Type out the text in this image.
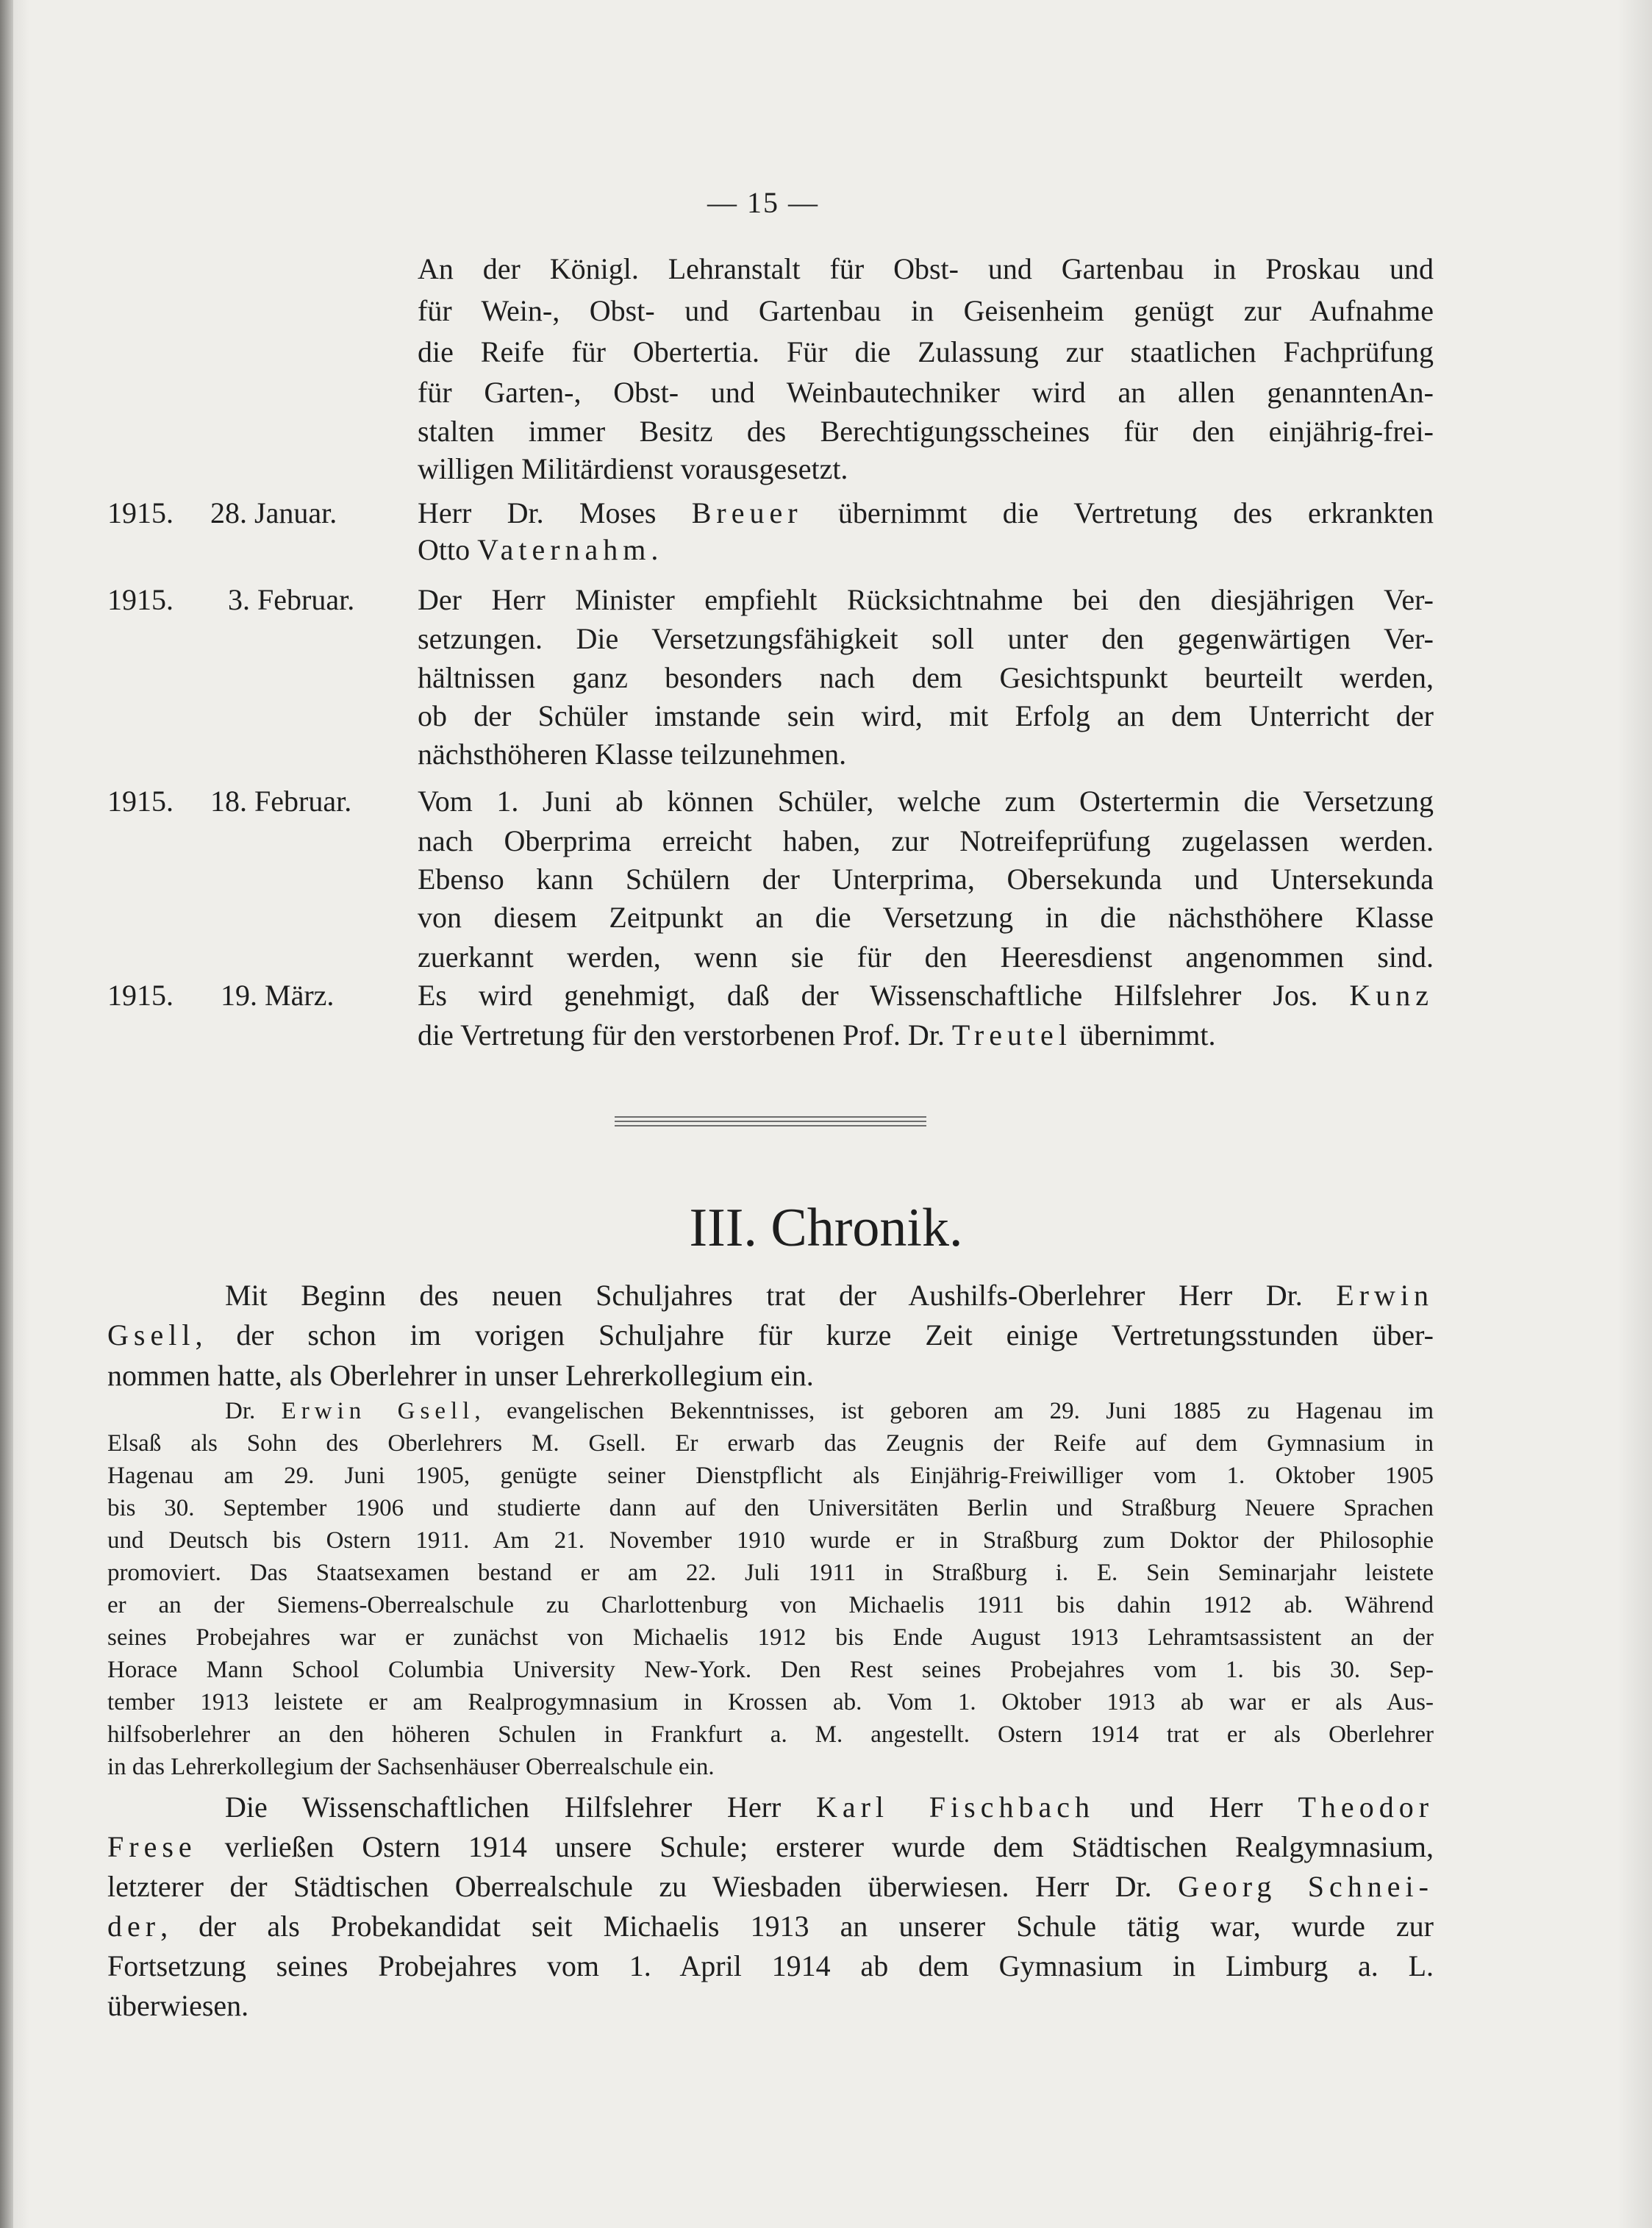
— 15 —
An der Königl. Lehranstalt für Obst- und Gartenbau in Proskau und
für Wein-, Obst- und Gartenbau in Geisenheim genügt zur Aufnahme
die Reife für Obertertia. Für die Zulassung zur staatlichen Fachprüfung
für Garten-, Obst- und Weinbautechniker wird an allen genanntenAn-
stalten immer Besitz des Berechtigungsscheines für den einjährig-frei-
willigen Militärdienst vorausgesetzt.
1915. 28. Januar.	Herr Dr. Moses Breuer übernimmt die Vertretung des erkrankten
Otto Vaternahm.
1915. 3. Februar. Der Herr Minister empfiehlt Rücksichtnahme bei den diesjährigen Ver-
setzungen. Die Versetzungsfähigkeit soll unter den gegenwärtigen Ver-
hältnissen ganz besonders nach dem Gesichtspunkt beurteilt werden,
ob der Schüler imstande sein wird, mit Erfolg an dem Unterricht der
nächsthöheren Klasse teilzunehmen.
1915. 18. Februar. Vom 1. Juni ab können Schüler, welche zum Ostertermin die Versetzung
nach Oberprima erreicht haben, zur Notreifeprüfung zugelassen werden.
Ebenso kann Schülern der Unterprima, Obersekunda und Untersekunda
von diesem Zeitpunkt an die Versetzung in die nächsthöhere Klasse
zuerkannt werden, wenn sie für den Heeresdienst angenommen sind.
1915. 19. März.	Es wird genehmigt, daß der Wissenschaftliche Hilfslehrer Jos. Kunz
die Vertretung für den verstorbenen Prof. Dr. Treutel übernimmt.
III. Chronik.
Mit Beginn des neuen Schuljahres trat der Aushilfs-Oberlehrer Herr Dr. Erwin
Gsell, der schon im vorigen Schuljahre für kurze Zeit einige Vertretungsstunden über-
nommen hatte, als Oberlehrer in unser Lehrerkollegium ein.
Dr. Erwin Gsell, evangelischen Bekenntnisses, ist geboren am 29. Juni 1885 zu Hagenau im
Elsaß als Sohn des Oberlehrers M. Gsell. Er erwarb das Zeugnis der Reife auf dem Gymnasium in
Hagenau am 29. Juni 1905, genügte seiner Dienstpflicht als Einjährig-Freiwilliger vom 1. Oktober 1905
bis 30. September 1906 und studierte dann auf den Universitäten Berlin und Straßburg Neuere Sprachen
und Deutsch bis Ostern 1911. Am 21. November 1910 wurde er in Straßburg zum Doktor der Philosophie
promoviert. Das Staatsexamen bestand er am 22. Juli 1911 in Straßburg i. E. Sein Seminarjahr leistete
er an der Siemens-Oberrealschule zu Charlottenburg von Michaelis 1911 bis dahin 1912 ab. Während
seines Probejahres war er zunächst von Michaelis 1912 bis Ende August 1913 Lehramtsassistent an der
Horace Mann School Columbia University New-York. Den Rest seines Probejahres vom 1. bis 30. Sep-
tember 1913 leistete er am Realprogymnasium in Krossen ab. Vom 1. Oktober 1913 ab war er als Aus-
hilfsoberlehrer an den höheren Schulen in Frankfurt a. M. angestellt. Ostern 1914 trat er als Oberlehrer
in das Lehrerkollegium der Sachsenhäuser Oberrealschule ein.
Die Wissenschaftlichen Hilfslehrer Herr Karl Fischbach und Herr Theodor
Frese verließen Ostern 1914 unsere Schule; ersterer wurde dem Städtischen Realgymnasium,
letzterer der Städtischen Oberrealschule zu Wiesbaden überwiesen. Herr Dr. Georg Schnei-
der, der als Probekandidat seit Michaelis 1913 an unserer Schule tätig war, wurde zur
Fortsetzung seines Probejahres vom 1. April 1914 ab dem Gymnasium in Limburg a. L.
überwiesen.
